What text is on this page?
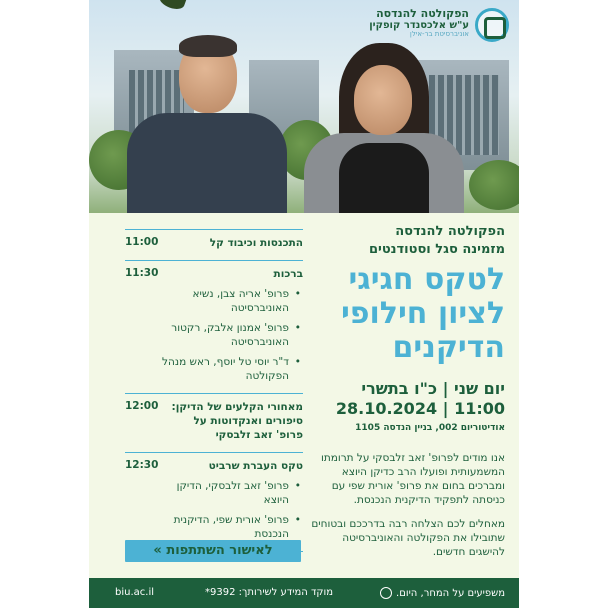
הפקולטה להנדסה
ע"ש אלכסנדר קופקין
אוניברסיטת בר-אילן
הפקולטה להנדסה
מזמינה סגל וסטודנטים
לטקס חגיגי
לציון חילופי
הדיקנים
יום שני | כ"ו בתשרי
11:00 | 28.10.2024
אודיטוריום 002, בניין הנדסה 1105

אנו מודים לפרופ' זאב זלבסקי על תרומתו המשמעותית ופועלו הרב כדיקן היוצא ומברכים בחום את פרופ' אורית שפי עם כניסתה לתפקיד הדיקנית הנכנסת.

מאחלים לכם הצלחה רבה בדרככם ובטוחים שתובילו את הפקולטה והאוניברסיטה להישגים חדשים.

11:00	התכנסות וכיבוד קל
11:30	ברכות
• פרופ' אריה צבן, נשיא האוניברסיטה
• פרופ' אמנון אלבק, רקטור האוניברסיטה
• ד"ר יוסי טל יוסף, ראש מנהל הפקולטה
12:00	מאחורי הקלעים של הדיקן: סיפורים ואנקדוטות על פרופ' זאב זלבסקי
12:30	טקס העברת שרביט
• פרופ' זאב זלבסקי, הדיקן היוצא
• פרופ' אורית שפי, הדיקנית הנכנסת
לאישור השתתפות »
biu.ac.il	מוקד המידע לשירותך: 9392*	משפיעים על המחר, היום.
